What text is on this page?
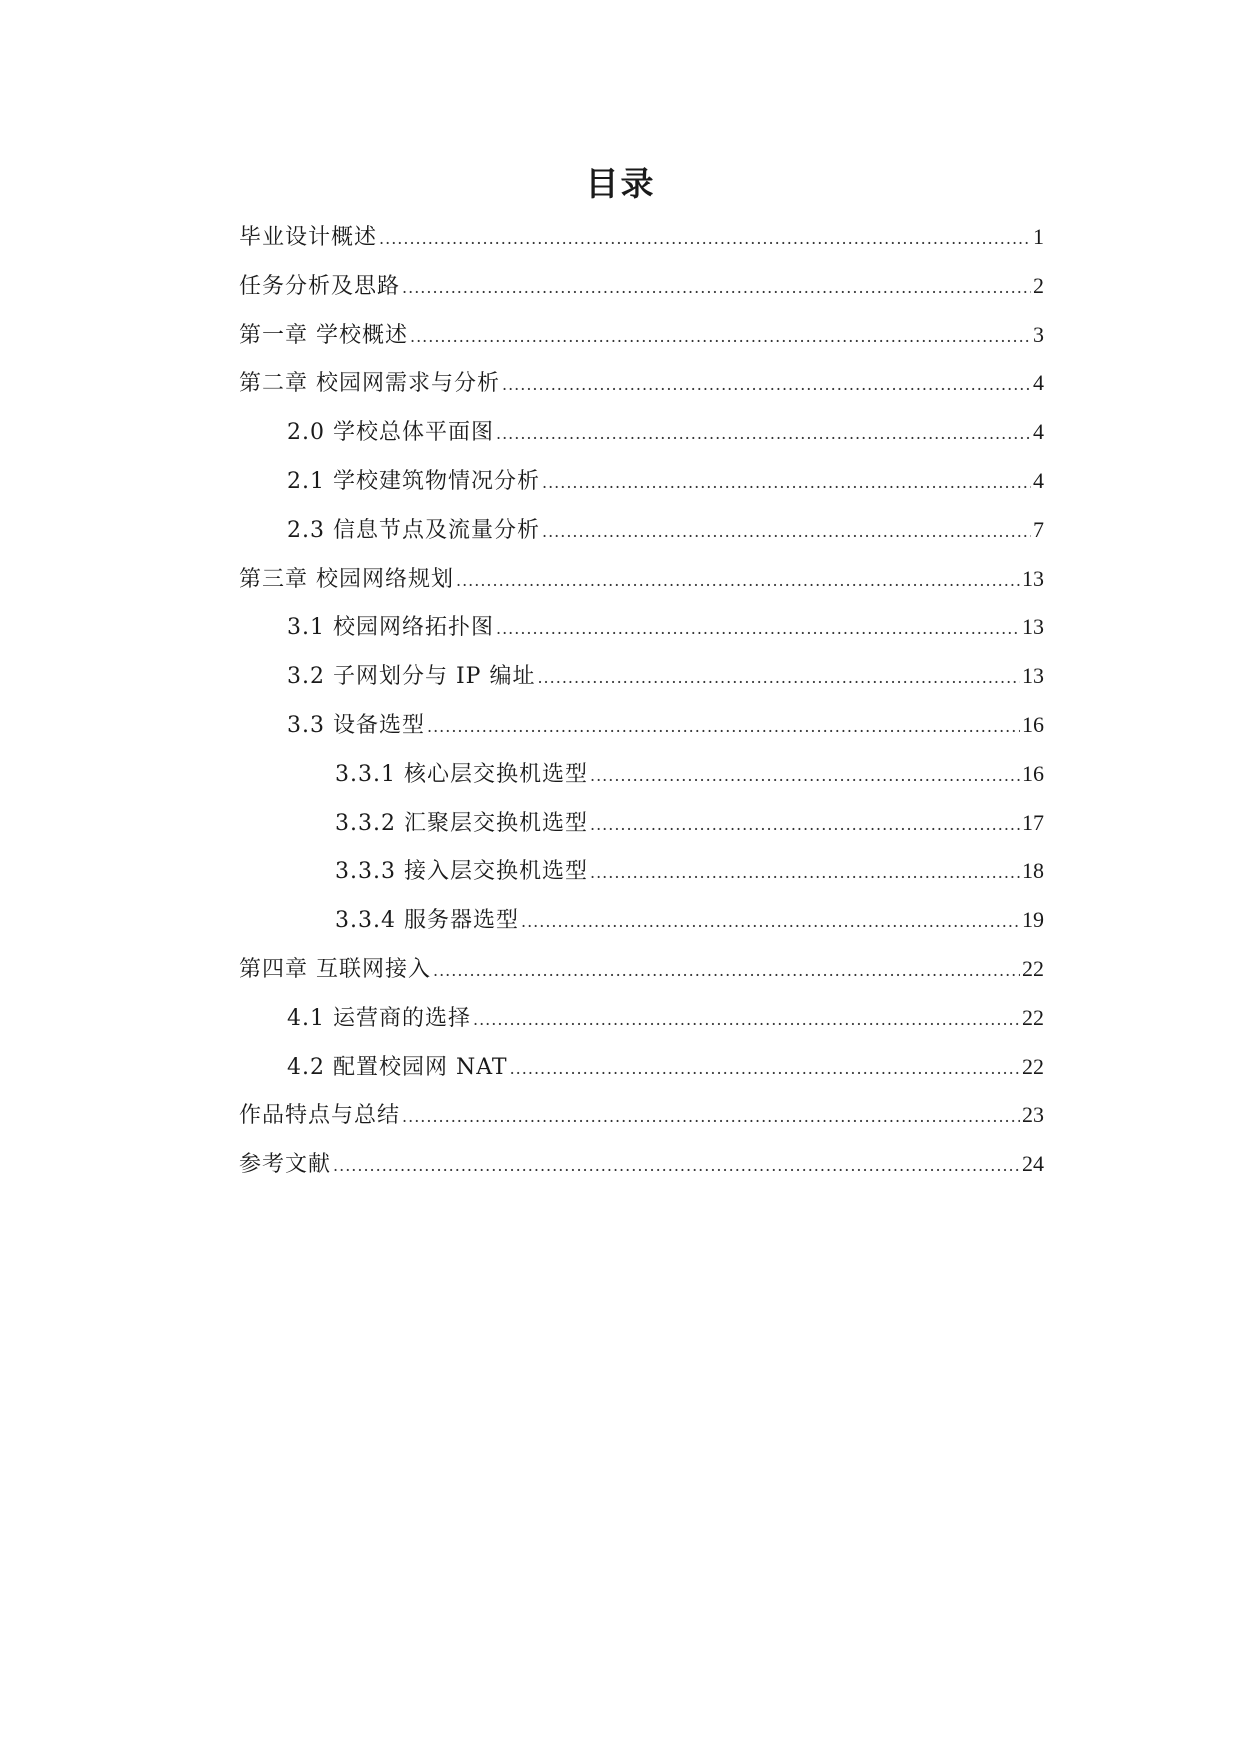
目录
毕业设计概述 .....	1
任务分析及思路 .....	2
第一章 学校概述 .....	3
第二章 校园网需求与分析 .....	4
2.0 学校总体平面图 .....	4
2.1 学校建筑物情况分析 .....	4
2.3 信息节点及流量分析 .....	7
第三章 校园网络规划 .....	13
3.1 校园网络拓扑图 .....	13
3.2 子网划分与 IP 编址 .....	13
3.3 设备选型 .....	16
3.3.1 核心层交换机选型 .....	16
3.3.2 汇聚层交换机选型 .....	17
3.3.3 接入层交换机选型 .....	18
3.3.4 服务器选型 .....	19
第四章 互联网接入 .....	22
4.1 运营商的选择 .....	22
4.2 配置校园网 NAT .....	22
作品特点与总结 .....	23
参考文献 .....	24
